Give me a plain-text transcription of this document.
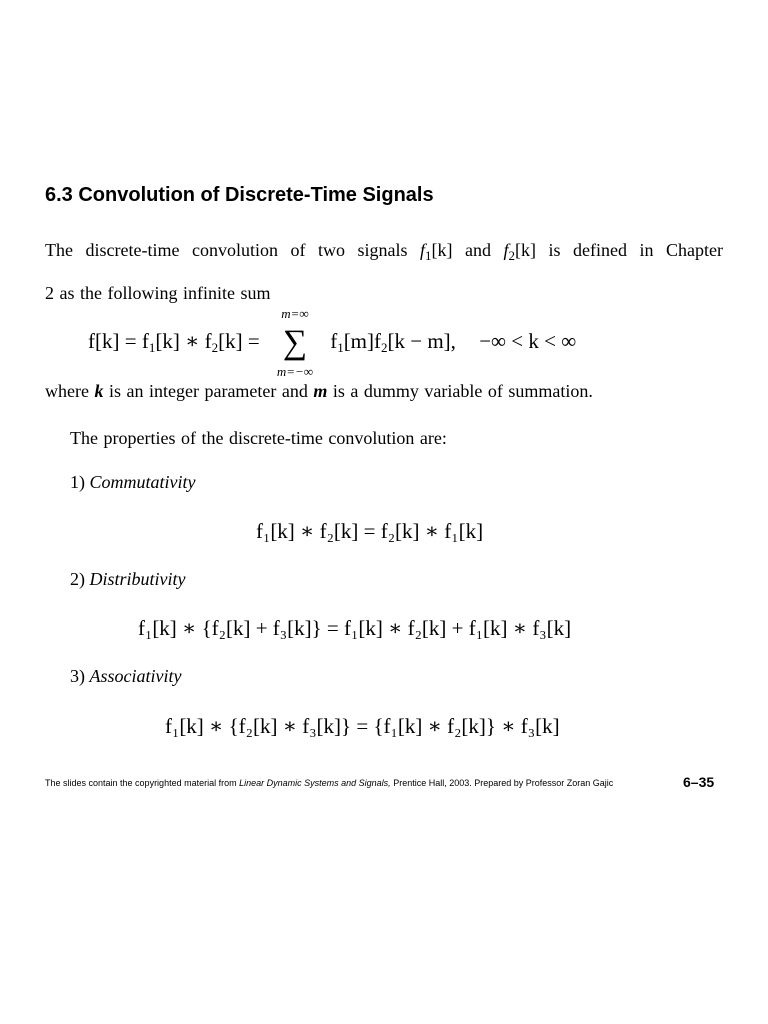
6.3 Convolution of Discrete-Time Signals
The discrete-time convolution of two signals $f_1[k]$ and $f_2[k]$ is defined in Chapter
2 as the following infinite sum
$f[k] = f_1[k]$ ∗ $f_2[k]$ =
m=∞
∑
m=−∞
$f_1[m]f_2[k - m]$, −∞ < k < ∞
where k is an integer parameter and m is a dummy variable of summation.
The properties of the discrete-time convolution are:
1) Commutativity
f₁[k] ∗ f₂[k] = f₂[k] ∗ f₁[k]
2) Distributivity
f₁[k] ∗ {f₂[k] + f₃[k]} = f₁[k] ∗ f₂[k] + f₁[k] ∗ f₃[k]
3) Associativity
f₁[k] ∗ {f₂[k] ∗ f₃[k]} = {f₁[k] ∗ f₂[k]} ∗ f₃[k]
The slides contain the copyrighted material from Linear Dynamic Systems and Signals, Prentice Hall, 2003. Prepared by Professor Zoran Gajic	6–35
